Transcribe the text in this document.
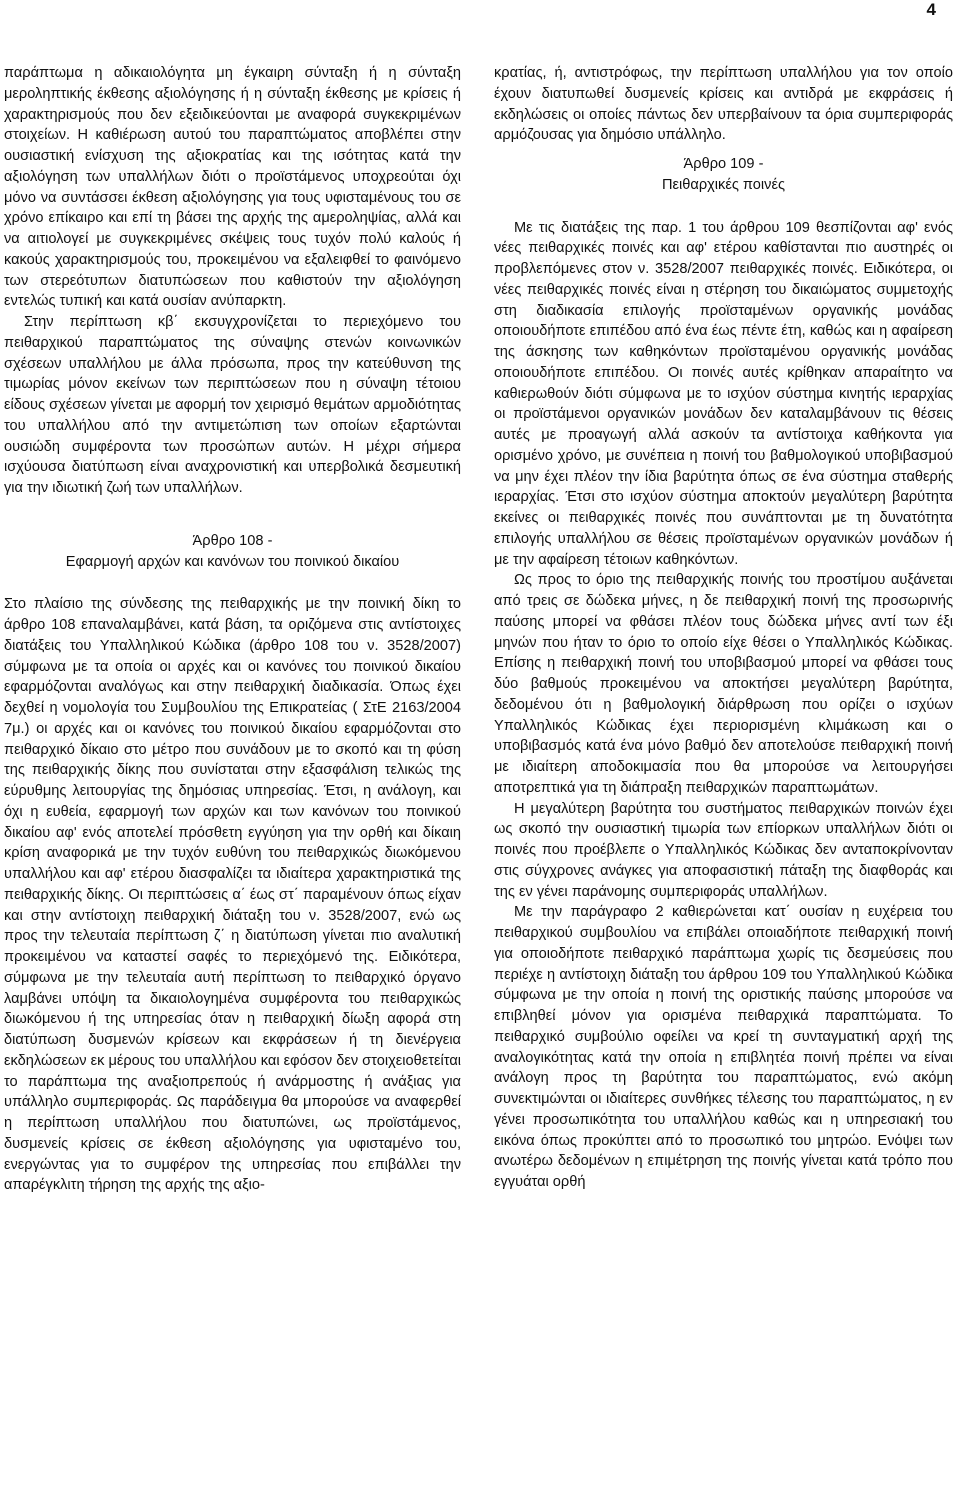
4

παράπτωμα η αδικαιολόγητα μη έγκαιρη σύνταξη ή η σύνταξη μεροληπτικής έκθεσης αξιολόγησης ή η σύνταξη έκθεσης με κρίσεις ή χαρακτηρισμούς που δεν εξειδικεύονται με αναφορά συγκεκριμένων στοιχείων. Η καθιέρωση αυτού του παραπτώματος αποβλέπει στην ουσιαστική ενίσχυση της αξιοκρατίας και της ισότητας κατά την αξιολόγηση των υπαλλήλων διότι ο προϊστάμενος υποχρεούται όχι μόνο να συντάσσει έκθεση αξιολόγησης για τους υφισταμένους του σε χρόνο επίκαιρο και επί τη βάσει της αρχής της αμεροληψίας, αλλά και να αιτιολογεί με συγκεκριμένες σκέψεις τους τυχόν πολύ καλούς ή κακούς χαρακτηρισμούς του, προκειμένου να εξαλειφθεί το φαινόμενο των στερεότυπων διατυπώσεων που καθιστούν την αξιολόγηση εντελώς τυπική και κατά ουσίαν ανύπαρκτη.

Στην περίπτωση κβ΄ εκσυγχρονίζεται το περιεχόμενο του πειθαρχικού παραπτώματος της σύναψης στενών κοινωνικών σχέσεων υπαλλήλου με άλλα πρόσωπα, προς την κατεύθυνση της τιμωρίας μόνον εκείνων των περιπτώσεων που η σύναψη τέτοιου είδους σχέσεων γίνεται με αφορμή τον χειρισμό θεμάτων αρμοδιότητας του υπαλλήλου από την αντιμετώπιση των οποίων εξαρτώνται ουσιώδη συμφέροντα των προσώπων αυτών. Η μέχρι σήμερα ισχύουσα διατύπωση είναι αναχρονιστική και υπερβολικά δεσμευτική για την ιδιωτική ζωή των υπαλλήλων.

Άρθρο 108 -

Εφαρμογή αρχών και κανόνων του ποινικού δικαίου

Στο πλαίσιο της σύνδεσης της πειθαρχικής με την ποινική δίκη το άρθρο 108 επαναλαμβάνει, κατά βάση, τα οριζόμενα στις αντίστοιχες διατάξεις του Υπαλληλικού Κώδικα (άρθρο 108 του ν. 3528/2007) σύμφωνα με τα οποία οι αρχές και οι κανόνες του ποινικού δικαίου εφαρμόζονται αναλόγως και στην πειθαρχική διαδικασία. Όπως έχει δεχθεί η νομολογία του Συμβουλίου της Επικρατείας ( ΣτΕ 2163/2004 7μ.) οι αρχές και οι κανόνες του ποινικού δικαίου εφαρμόζονται στο πειθαρχικό δίκαιο στο μέτρο που συνάδουν με το σκοπό και τη φύση της πειθαρχικής δίκης που συνίσταται στην εξασφάλιση τελικώς της εύρυθμης λειτουργίας της δημόσιας υπηρεσίας. Έτσι, η ανάλογη, και όχι η ευθεία, εφαρμογή των αρχών και των κανόνων του ποινικού δικαίου αφ' ενός αποτελεί πρόσθετη εγγύηση για την ορθή και δίκαιη κρίση αναφορικά με την τυχόν ευθύνη του πειθαρχικώς διωκόμενου υπαλλήλου και αφ' ετέρου διασφαλίζει τα ιδιαίτερα χαρακτηριστικά της πειθαρχικής δίκης. Οι περιπτώσεις α΄ έως στ΄ παραμένουν όπως είχαν και στην αντίστοιχη πειθαρχική διάταξη του ν. 3528/2007, ενώ ως προς την τελευταία περίπτωση ζ΄ η διατύπωση γίνεται πιο αναλυτική προκειμένου να καταστεί σαφές το περιεχόμενό της. Ειδικότερα, σύμφωνα με την τελευταία αυτή περίπτωση το πειθαρχικό όργανο λαμβάνει υπόψη τα δικαιολογημένα συμφέροντα του πειθαρχικώς διωκόμενου ή της υπηρεσίας όταν η πειθαρχική δίωξη αφορά στη διατύπωση δυσμενών κρίσεων και εκφράσεων ή τη διενέργεια εκδηλώσεων εκ μέρους του υπαλλήλου και εφόσον δεν στοιχειοθετείται το παράπτωμα της αναξιοπρεπούς ή ανάρμοστης ή ανάξιας για υπάλληλο συμπεριφοράς. Ως παράδειγμα θα μπορούσε να αναφερθεί η περίπτωση υπαλλήλου που διατυπώνει, ως προϊστάμενος, δυσμενείς κρίσεις σε έκθεση αξιολόγησης για υφισταμένο του, ενεργώντας για το συμφέρον της υπηρεσίας που επιβάλλει την απαρέγκλιτη τήρηση της αρχής της αξιο-

κρατίας, ή, αντιστρόφως, την περίπτωση υπαλλήλου για τον οποίο έχουν διατυπωθεί δυσμενείς κρίσεις και αντιδρά με εκφράσεις ή εκδηλώσεις οι οποίες πάντως δεν υπερβαίνουν τα όρια συμπεριφοράς αρμόζουσας για δημόσιο υπάλληλο.

Άρθρο 109 -

Πειθαρχικές ποινές

Με τις διατάξεις της παρ. 1 του άρθρου 109 θεσπίζονται αφ' ενός νέες πειθαρχικές ποινές και αφ' ετέρου καθίστανται πιο αυστηρές οι προβλεπόμενες στον ν. 3528/2007 πειθαρχικές ποινές. Ειδικότερα, οι νέες πειθαρχικές ποινές είναι η στέρηση του δικαιώματος συμμετοχής στη διαδικασία επιλογής προϊσταμένων οργανικής μονάδας οποιουδήποτε επιπέδου από ένα έως πέντε έτη, καθώς και η αφαίρεση της άσκησης των καθηκόντων προϊσταμένου οργανικής μονάδας οποιουδήποτε επιπέδου. Οι ποινές αυτές κρίθηκαν απαραίτητο να καθιερωθούν διότι σύμφωνα με το ισχύον σύστημα κινητής ιεραρχίας οι προϊστάμενοι οργανικών μονάδων δεν καταλαμβάνουν τις θέσεις αυτές με προαγωγή αλλά ασκούν τα αντίστοιχα καθήκοντα για ορισμένο χρόνο, με συνέπεια η ποινή του βαθμολογικού υποβιβασμού να μην έχει πλέον την ίδια βαρύτητα όπως σε ένα σύστημα σταθερής ιεραρχίας. Έτσι στο ισχύον σύστημα αποκτούν μεγαλύτερη βαρύτητα εκείνες οι πειθαρχικές ποινές που συνάπτονται με τη δυνατότητα επιλογής υπαλλήλου σε θέσεις προϊσταμένων οργανικών μονάδων ή με την αφαίρεση τέτοιων καθηκόντων.

Ως προς το όριο της πειθαρχικής ποινής του προστίμου αυξάνεται από τρεις σε δώδεκα μήνες, η δε πειθαρχική ποινή της προσωρινής παύσης μπορεί να φθάσει πλέον τους δώδεκα μήνες αντί των έξι μηνών που ήταν το όριο το οποίο είχε θέσει ο Υπαλληλικός Κώδικας. Επίσης η πειθαρχική ποινή του υποβιβασμού μπορεί να φθάσει τους δύο βαθμούς προκειμένου να αποκτήσει μεγαλύτερη βαρύτητα, δεδομένου ότι η βαθμολογική διάρθρωση που ορίζει ο ισχύων Υπαλληλικός Κώδικας έχει περιορισμένη κλιμάκωση και ο υποβιβασμός κατά ένα μόνο βαθμό δεν αποτελούσε πειθαρχική ποινή με ιδιαίτερη αποδοκιμασία που θα μπορούσε να λειτουργήσει αποτρεπτικά για τη διάπραξη πειθαρχικών παραπτωμάτων.

Η μεγαλύτερη βαρύτητα του συστήματος πειθαρχικών ποινών έχει ως σκοπό την ουσιαστική τιμωρία των επίορκων υπαλλήλων διότι οι ποινές που προέβλεπε ο Υπαλληλικός Κώδικας δεν ανταποκρίνονταν στις σύγχρονες ανάγκες για αποφασιστική πάταξη της διαφθοράς και της εν γένει παράνομης συμπεριφοράς υπαλλήλων.

Με την παράγραφο 2 καθιερώνεται κατ΄ ουσίαν η ευχέρεια του πειθαρχικού συμβουλίου να επιβάλει οποιαδήποτε πειθαρχική ποινή για οποιοδήποτε πειθαρχικό παράπτωμα χωρίς τις δεσμεύσεις που περιέχε η αντίστοιχη διάταξη του άρθρου 109 του Υπαλληλικού Κώδικα σύμφωνα με την οποία η ποινή της οριστικής παύσης μπορούσε να επιβληθεί μόνον για ορισμένα πειθαρχικά παραπτώματα. Το πειθαρχικό συμβούλιο οφείλει να κρεί τη συνταγματική αρχή της αναλογικότητας κατά την οποία η επιβλητέα ποινή πρέπει να είναι ανάλογη προς τη βαρύτητα του παραπτώματος, ενώ ακόμη συνεκτιμώνται οι ιδιαίτερες συνθήκες τέλεσης του παραπτώματος, η εν γένει προσωπικότητα του υπαλλήλου καθώς και η υπηρεσιακή του εικόνα όπως προκύπτει από το προσωπικό του μητρώο. Ενόψει των ανωτέρω δεδομένων η επιμέτρηση της ποινής γίνεται κατά τρόπο που εγγυάται ορθή
